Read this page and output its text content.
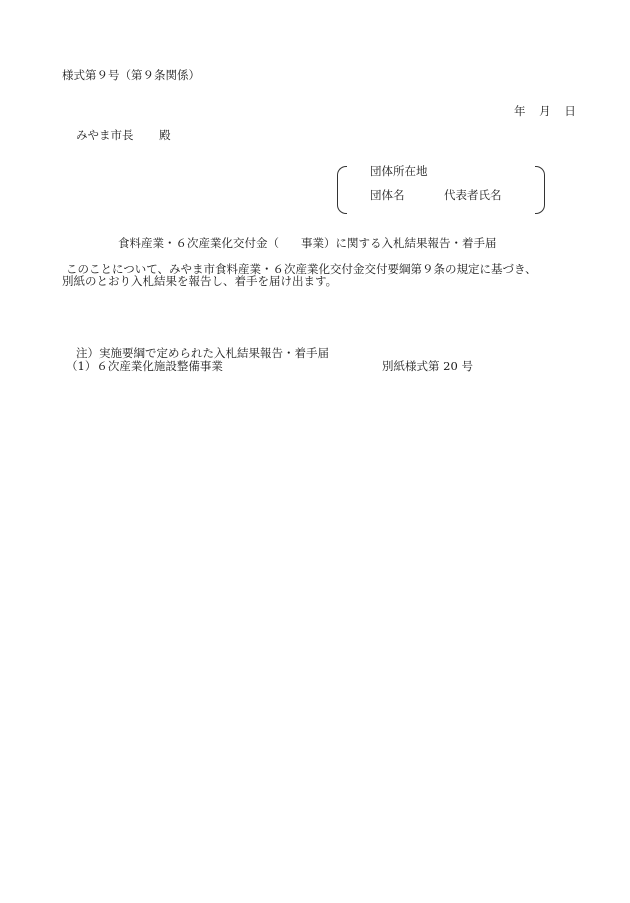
様式第９号（第９条関係）
年 月 日
みやま市長 殿
団体所在地
団体名	代表者氏名
食料産業・６次産業化交付金（ 事業）に関する入札結果報告・着手届
このことについて、みやま市食料産業・６次産業化交付金交付要綱第９条の規定に基づき、
別紙のとおり入札結果を報告し、着手を届け出ます。
注）実施要綱で定められた入札結果報告・着手届
（1）６次産業化施設整備事業	別紙様式第 20 号
